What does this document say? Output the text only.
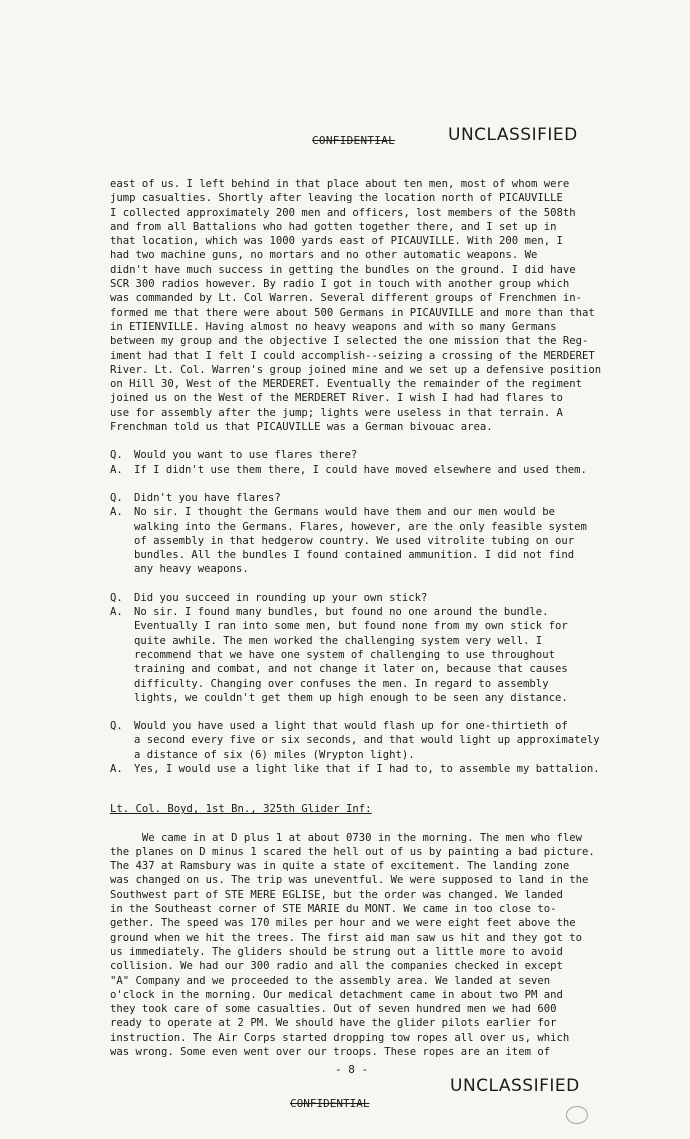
CONFIDENTIAL	UNCLASSIFIED
east of us. I left behind in that place about ten men, most of whom were
jump casualties. Shortly after leaving the location north of PICAUVILLE
I collected approximately 200 men and officers, lost members of the 508th
and from all Battalions who had gotten together there, and I set up in
that location, which was 1000 yards east of PICAUVILLE. With 200 men, I
had two machine guns, no mortars and no other automatic weapons. We
didn't have much success in getting the bundles on the ground. I did have
SCR 300 radios however. By radio I got in touch with another group which
was commanded by Lt. Col Warren. Several different groups of Frenchmen in-
formed me that there were about 500 Germans in PICAUVILLE and more than that
in ETIENVILLE. Having almost no heavy weapons and with so many Germans
between my group and the objective I selected the one mission that the Reg-
iment had that I felt I could accomplish--seizing a crossing of the MERDERET
River. Lt. Col. Warren's group joined mine and we set up a defensive position
on Hill 30, West of the MERDERET. Eventually the remainder of the regiment
joined us on the West of the MERDERET River. I wish I had had flares to
use for assembly after the jump; lights were useless in that terrain. A
Frenchman told us that PICAUVILLE was a German bivouac area.
Q.	Would you want to use flares there?
A.	If I didn't use them there, I could have moved elsewhere and used them.
Q.	Didn't you have flares?
A.	No sir. I thought the Germans would have them and our men would be
walking into the Germans. Flares, however, are the only feasible system
of assembly in that hedgerow country. We used vitrolite tubing on our
bundles. All the bundles I found contained ammunition. I did not find
any heavy weapons.
Q.	Did you succeed in rounding up your own stick?
A.	No sir. I found many bundles, but found no one around the bundle.
Eventually I ran into some men, but found none from my own stick for
quite awhile. The men worked the challenging system very well. I
recommend that we have one system of challenging to use throughout
training and combat, and not change it later on, because that causes
difficulty. Changing over confuses the men. In regard to assembly
lights, we couldn't get them up high enough to be seen any distance.
Q.	Would you have used a light that would flash up for one-thirtieth of
a second every five or six seconds, and that would light up approximately
a distance of six (6) miles (Wrypton light).
A.	Yes, I would use a light like that if I had to, to assemble my battalion.
Lt. Col. Boyd, 1st Bn., 325th Glider Inf:
We came in at D plus 1 at about 0730 in the morning. The men who flew
the planes on D minus 1 scared the hell out of us by painting a bad picture.
The 437 at Ramsbury was in quite a state of excitement. The landing zone
was changed on us. The trip was uneventful. We were supposed to land in the
Southwest part of STE MERE EGLISE, but the order was changed. We landed
in the Southeast corner of STE MARIE du MONT. We came in too close to-
gether. The speed was 170 miles per hour and we were eight feet above the
ground when we hit the trees. The first aid man saw us hit and they got to
us immediately. The gliders should be strung out a little more to avoid
collision. We had our 300 radio and all the companies checked in except
"A" Company and we proceeded to the assembly area. We landed at seven
o'clock in the morning. Our medical detachment came in about two PM and
they took care of some casualties. Out of seven hundred men we had 600
ready to operate at 2 PM. We should have the glider pilots earlier for
instruction. The Air Corps started dropping tow ropes all over us, which
was wrong. Some even went over our troops. These ropes are an item of
- 8 -
UNCLASSIFIED
CONFIDENTIAL
